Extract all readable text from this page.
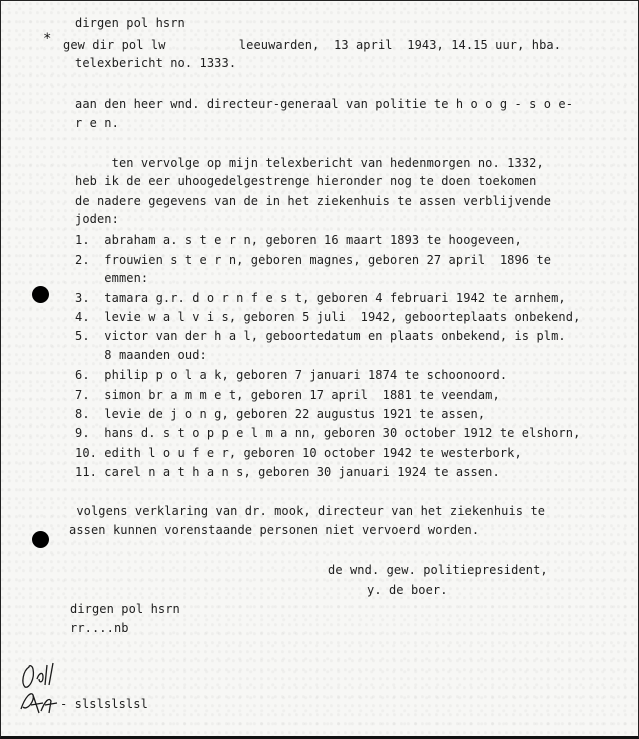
*
dirgen pol hsrn
gew dir pol lw          leeuwarden,  13 april  1943, 14.15 uur, hba.
telexbericht no. 1333.
aan den heer wnd. directeur-generaal van politie te h o o g - s o e-
r e n.
ten vervolge op mijn telexbericht van hedenmorgen no. 1332,
heb ik de eer uhoogedelgestrenge hieronder nog te doen toekomen
de nadere gegevens van de in het ziekenhuis te assen verblijvende
joden:
1.  abraham a. s t e r n, geboren 16 maart 1893 te hoogeveen,
2.  frouwien s t e r n, geboren magnes, geboren 27 april  1896 te
emmen:
3.  tamara g.r. d o r n f e s t, geboren 4 februari 1942 te arnhem,
4.  levie w a l v i s, geboren 5 juli  1942, geboorteplaats onbekend,
5.  victor van der h a l, geboortedatum en plaats onbekend, is plm.
8 maanden oud:
6.  philip p o l a k, geboren 7 januari 1874 te schoonoord.
7.  simon br a m m e t, geboren 17 april  1881 te veendam,
8.  levie de j o n g, geboren 22 augustus 1921 te assen,
9.  hans d. s t o p p e l m a nn, geboren 30 october 1912 te elshorn,
10. edith l o u f e r, geboren 10 october 1942 te westerbork,
11. carel n a t h a n s, geboren 30 januari 1924 te assen.
volgens verklaring van dr. mook, directeur van het ziekenhuis te
assen kunnen vorenstaande personen niet vervoerd worden.
de wnd. gew. politiepresident,
y. de boer.
dirgen pol hsrn
rr....nb
- slslslslsl
